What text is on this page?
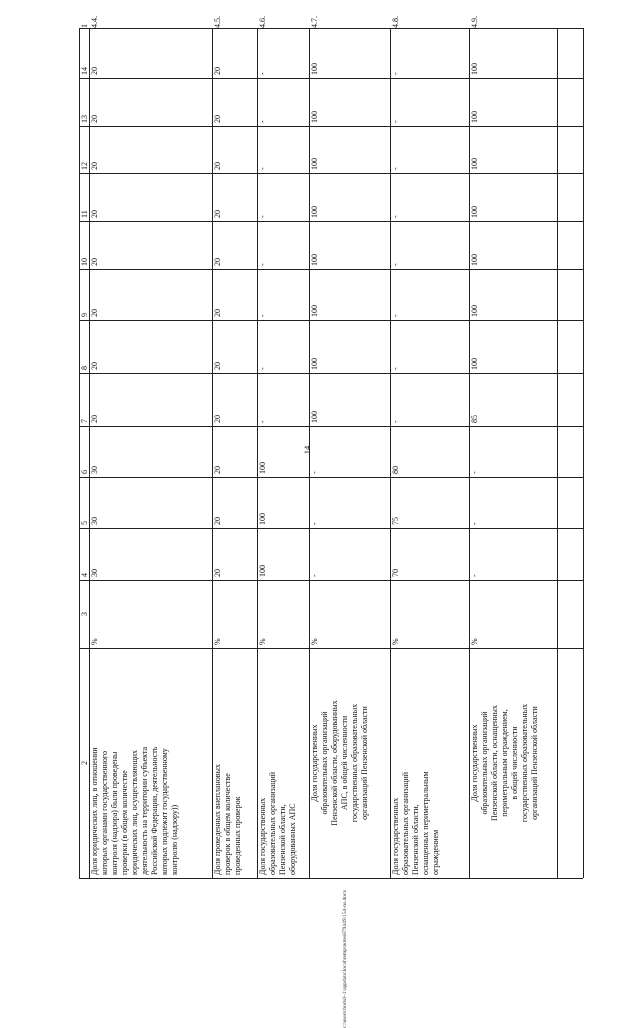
14
c:\users\borisl~1\appdata\local\temp\notes879449\154-ns.docx
1
2
3
4
5
6
7
8
9
10
11
12
13
14
4.4.
Доля юридических лиц, в отношении
которых органами государственного
контроля (надзора) были проведены
проверки (в общем количестве
юридических лиц, осуществляющих
деятельность на территории субъекта
Российской Федерации, деятельность
которых подлежит государственному
контролю (надзору))
%
30
30
30
20
20
20
20
20
20
20
20
4.5.
Доля проведенных внеплановых
проверок в общем количестве
проведенных проверок
%
20
20
20
20
20
20
20
20
20
20
20
4.6.
Доля государственных
образовательных организаций
Пензенской области,
оборудованных АПС
%
100
100
100
-
-
-
-
-
-
-
-
4.7.
Доля государственных
образовательных организаций
Пензенской области, оборудованных
АПС, в общей численности
государственных образовательных
организаций Пензенской области
%
-
-
-
100
100
100
100
100
100
100
100
4.8.
Доля государственных
образовательных организаций
Пензенской области,
оснащенных периметральным
ограждением
%
70
75
80
-
-
-
-
-
-
-
-
4.9.
Доля государственных
образовательных организаций
Пензенской области, оснащенных
периметральным ограждением,
в общей численности
государственных образовательных
организаций Пензенской области
%
-
-
-
85
100
100
100
100
100
100
100
